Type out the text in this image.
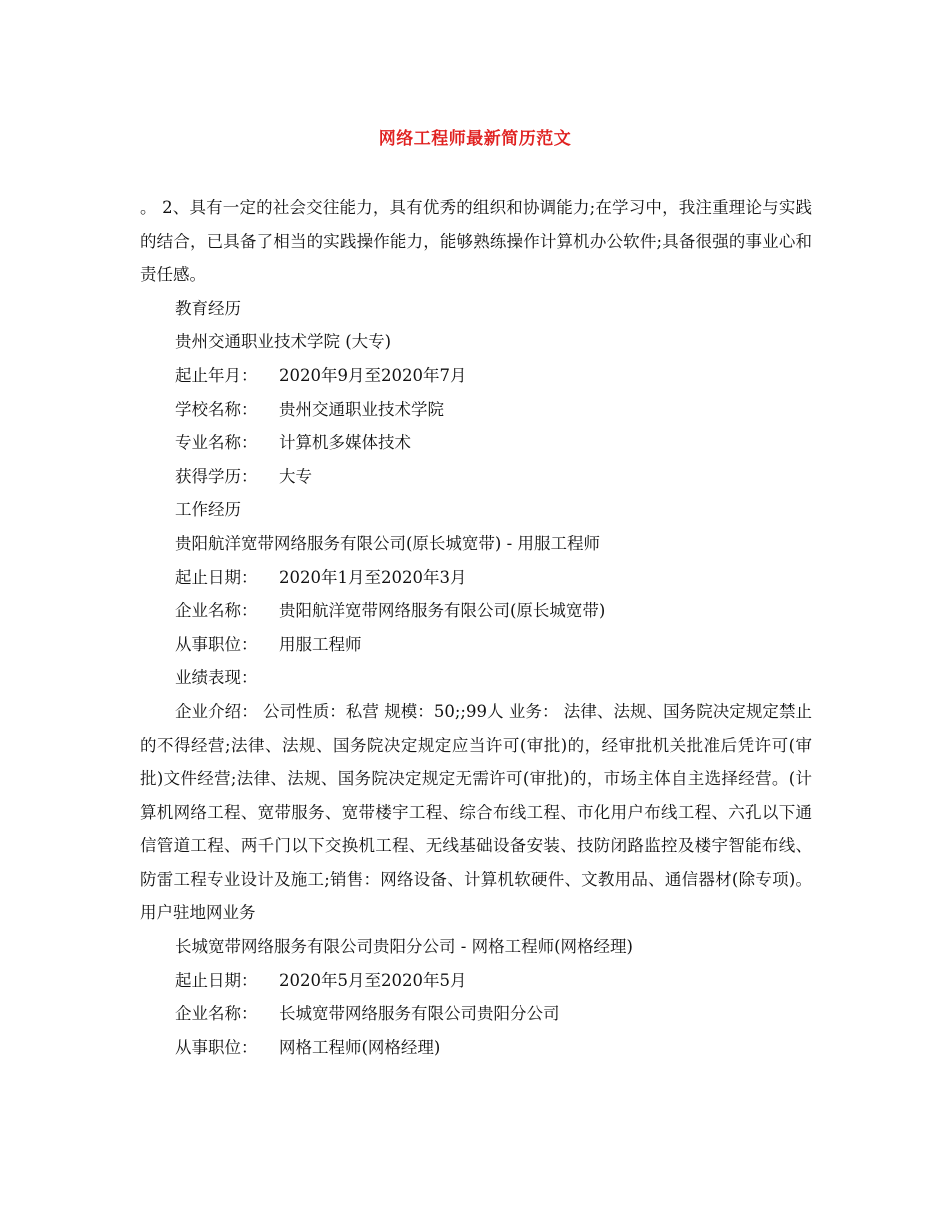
网络工程师最新简历范文

。 2、具有一定的社会交往能力，具有优秀的组织和协调能力;在学习中，我注重理论与实践的结合，已具备了相当的实践操作能力，能够熟练操作计算机办公软件;具备很强的事业心和责任感。

教育经历

贵州交通职业技术学院 (大专)

起止年月： 2020年9月至2020年7月

学校名称： 贵州交通职业技术学院

专业名称： 计算机多媒体技术

获得学历： 大专

工作经历

贵阳航洋宽带网络服务有限公司(原长城宽带) - 用服工程师

起止日期： 2020年1月至2020年3月

企业名称： 贵阳航洋宽带网络服务有限公司(原长城宽带)

从事职位： 用服工程师

业绩表现：

企业介绍： 公司性质：私营 规模：50;;99人 业务： 法律、法规、国务院决定规定禁止的不得经营;法律、法规、国务院决定规定应当许可(审批)的，经审批机关批准后凭许可(审批)文件经营;法律、法规、国务院决定规定无需许可(审批)的，市场主体自主选择经营。(计算机网络工程、宽带服务、宽带楼宇工程、综合布线工程、市化用户布线工程、六孔以下通信管道工程、两千门以下交换机工程、无线基础设备安装、技防闭路监控及楼宇智能布线、防雷工程专业设计及施工;销售：网络设备、计算机软硬件、文教用品、通信器材(除专项)。用户驻地网业务

长城宽带网络服务有限公司贵阳分公司 - 网格工程师(网格经理)

起止日期： 2020年5月至2020年5月

企业名称： 长城宽带网络服务有限公司贵阳分公司

从事职位： 网格工程师(网格经理)
